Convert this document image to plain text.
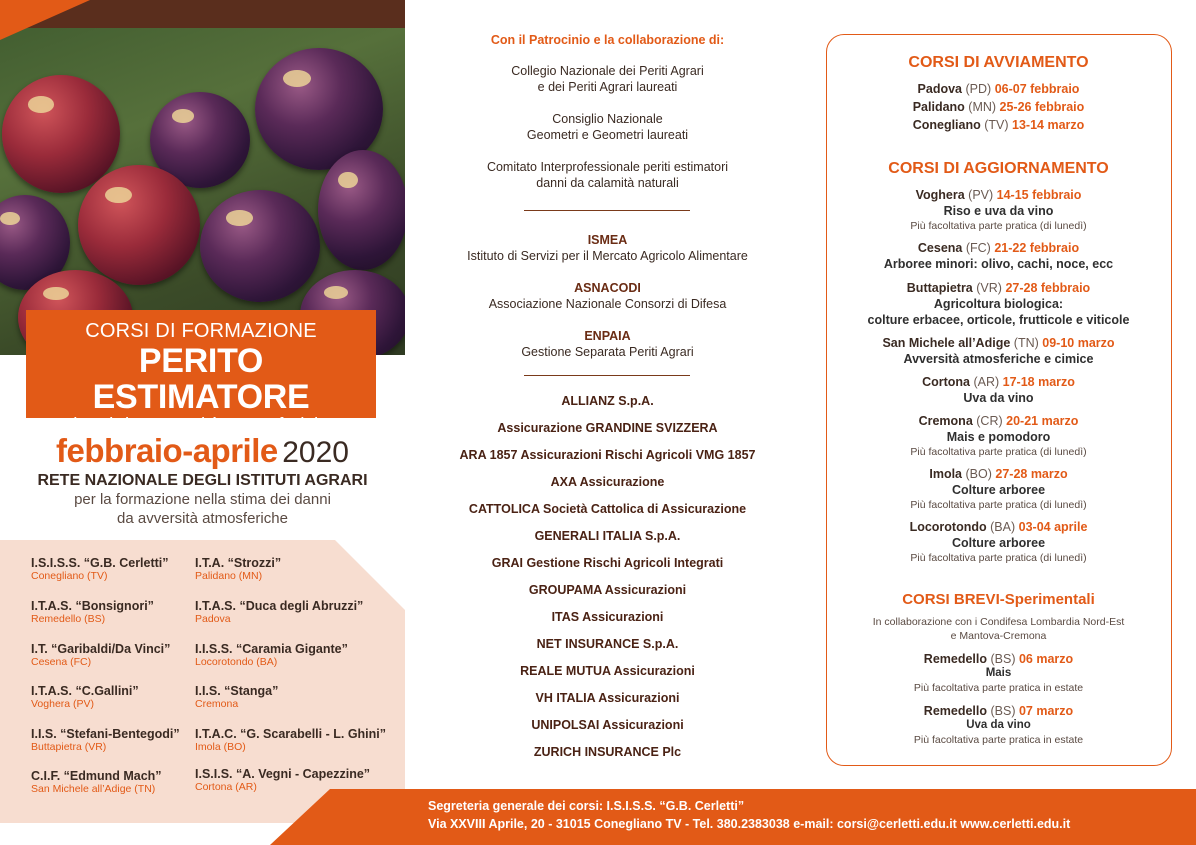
CORSI DI FORMAZIONE
PERITO ESTIMATORE
danni da avversità atmosferiche
febbraio-aprile 2020
RETE NAZIONALE DEGLI ISTITUTI AGRARI
per la formazione nella stima dei danni
da avversità atmosferiche
I.S.I.S.S. “G.B. Cerletti”
Conegliano (TV)
I.T.A. “Strozzi”
Palidano (MN)
I.T.A.S. “Bonsignori”
Remedello (BS)
I.T.A.S. “Duca degli Abruzzi”
Padova
I.T. “Garibaldi/Da Vinci”
Cesena (FC)
I.I.S.S. “Caramia Gigante”
Locorotondo (BA)
I.T.A.S. “C.Gallini”
Voghera (PV)
I.I.S. “Stanga”
Cremona
I.I.S. “Stefani-Bentegodi”
Buttapietra (VR)
I.T.A.C. “G. Scarabelli - L. Ghini”
Imola (BO)
C.I.F. “Edmund Mach”
San Michele all’Adige (TN)
I.S.I.S. “A. Vegni - Capezzine”
Cortona (AR)
Con il Patrocinio e la collaborazione di:
Collegio Nazionale dei Periti Agrari
e dei Periti Agrari laureati
Consiglio Nazionale
Geometri e Geometri laureati
Comitato Interprofessionale periti estimatori
danni da calamità naturali
ISMEA
Istituto di Servizi per il Mercato Agricolo Alimentare
ASNACODI
Associazione Nazionale Consorzi di Difesa
ENPAIA
Gestione Separata Periti Agrari
ALLIANZ S.p.A.
Assicurazione GRANDINE SVIZZERA
ARA 1857 Assicurazioni Rischi Agricoli VMG 1857
AXA Assicurazione
CATTOLICA Società Cattolica di Assicurazione
GENERALI ITALIA S.p.A.
GRAI Gestione Rischi Agricoli Integrati
GROUPAMA Assicurazioni
ITAS Assicurazioni
NET INSURANCE S.p.A.
REALE MUTUA Assicurazioni
VH ITALIA Assicurazioni
UNIPOLSAI Assicurazioni
ZURICH INSURANCE Plc
CORSI DI AVVIAMENTO
Padova (PD) 06-07 febbraio
Palidano (MN) 25-26 febbraio
Conegliano (TV) 13-14 marzo
CORSI DI AGGIORNAMENTO
Voghera (PV) 14-15 febbraio
Riso e uva da vino
Più facoltativa parte pratica (di lunedì)
Cesena (FC) 21-22 febbraio
Arboree minori: olivo, cachi, noce, ecc
Buttapietra (VR) 27-28 febbraio
Agricoltura biologica:
colture erbacee, orticole, frutticole e viticole
San Michele all’Adige (TN) 09-10 marzo
Avversità atmosferiche e cimice
Cortona (AR) 17-18 marzo
Uva da vino
Cremona (CR) 20-21 marzo
Mais e pomodoro
Più facoltativa parte pratica (di lunedì)
Imola (BO) 27-28 marzo
Colture arboree
Più facoltativa parte pratica (di lunedì)
Locorotondo (BA) 03-04 aprile
Colture arboree
Più facoltativa parte pratica (di lunedì)
CORSI BREVI-Sperimentali
In collaborazione con i Condifesa Lombardia Nord-Est
e Mantova-Cremona
Remedello (BS) 06 marzo
Mais
Più facoltativa parte pratica in estate
Remedello (BS) 07 marzo
Uva da vino
Più facoltativa parte pratica in estate
Segreteria generale dei corsi: I.S.I.S.S. “G.B. Cerletti”
Via XXVIII Aprile, 20 - 31015 Conegliano TV - Tel. 380.2383038 e-mail: corsi@cerletti.edu.it www.cerletti.edu.it
